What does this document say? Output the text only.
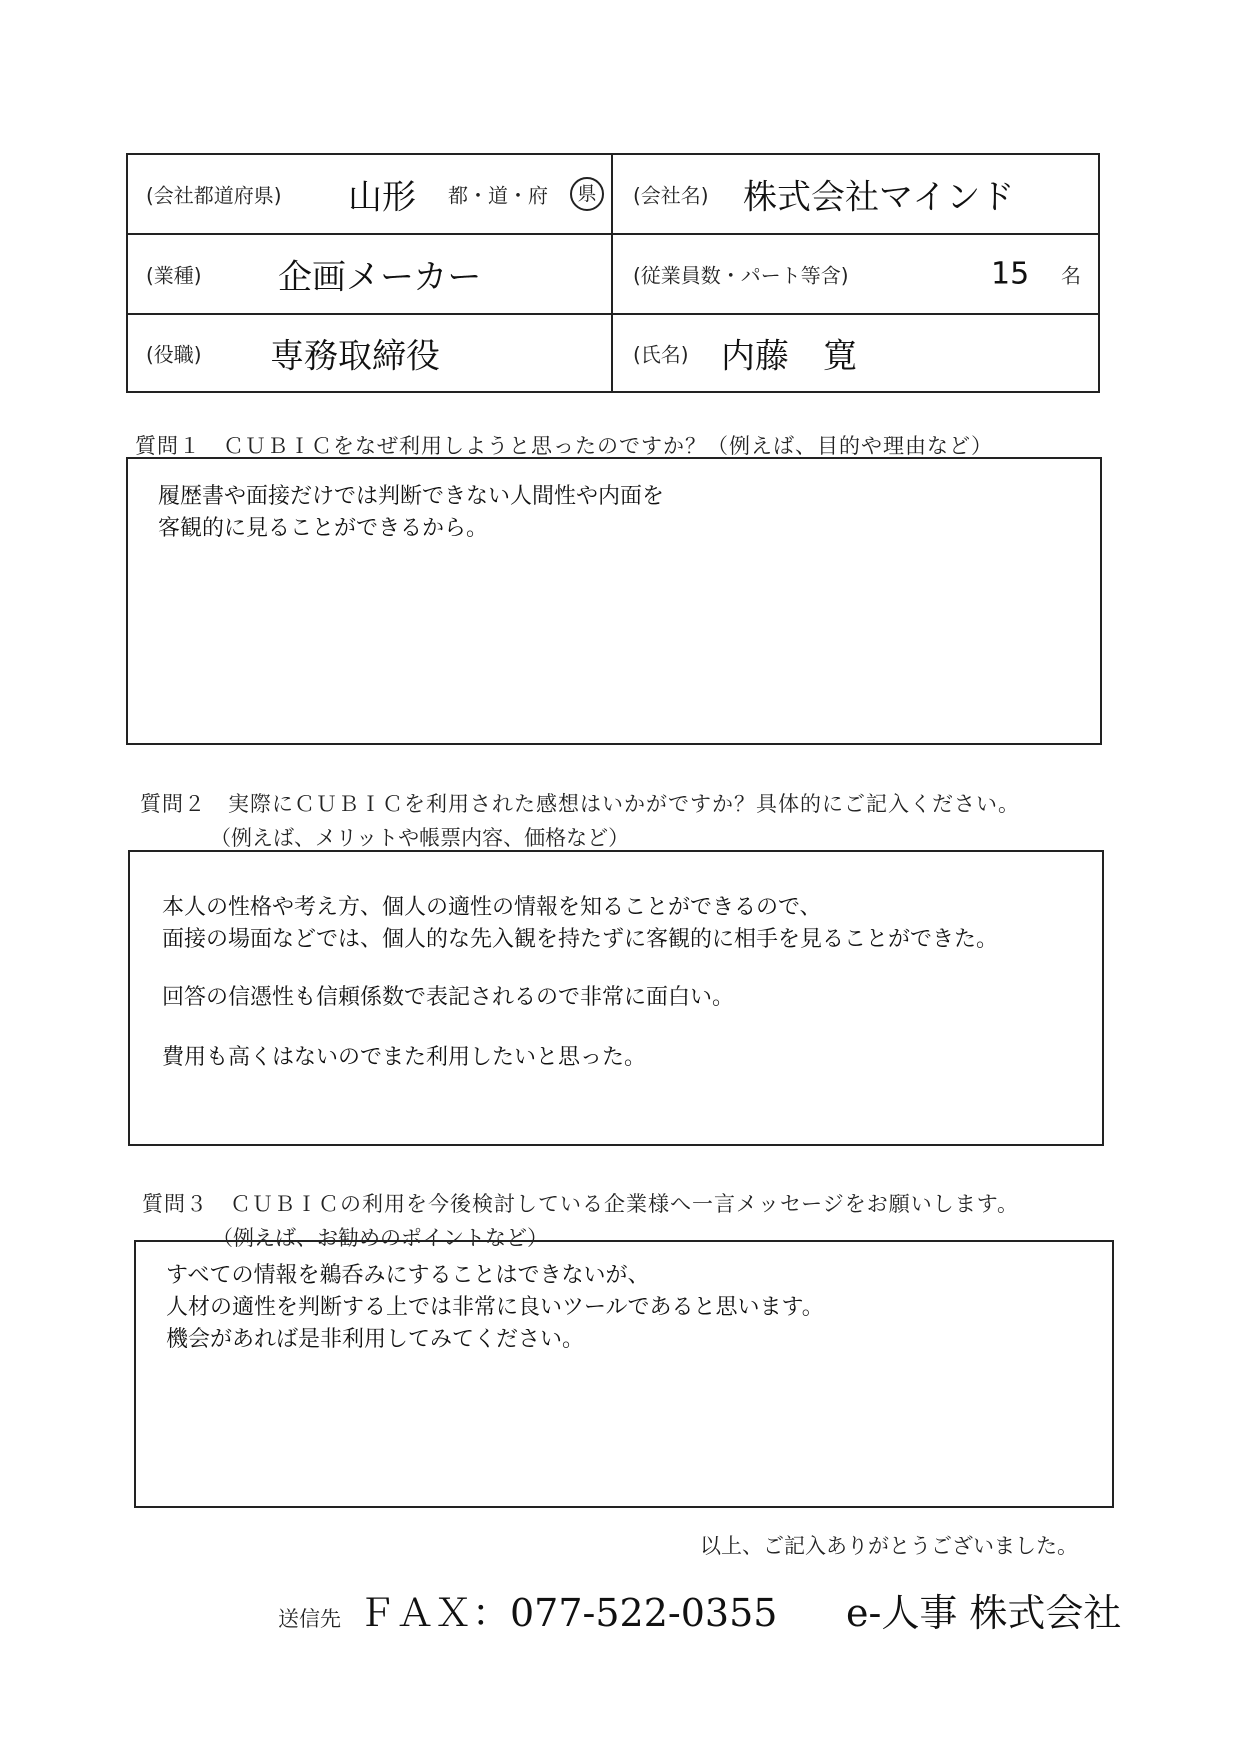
(会社都道府県) 山形 都・道・府	県	(会社名) 株式会社マインド
(業種) 企画メーカー	(従業員数・パート等含)	15 名
(役職) 専務取締役	(氏名) 内藤　寛
質問１　ＣＵＢＩＣをなぜ利用しようと思ったのですか？（例えば、目的や理由など）
履歴書や面接だけでは判断できない人間性や内面を
客観的に見ることができるから。
質問２　実際にＣＵＢＩＣを利用された感想はいかがですか？具体的にご記入ください。
（例えば、メリットや帳票内容、価格など）
本人の性格や考え方、個人の適性の情報を知ることができるので、
面接の場面などでは、個人的な先入観を持たずに客観的に相手を見ることができた。
回答の信憑性も信頼係数で表記されるので非常に面白い。
費用も高くはないのでまた利用したいと思った。
質問３　ＣＵＢＩＣの利用を今後検討している企業様へ一言メッセージをお願いします。
（例えば、お勧めのポイントなど）
すべての情報を鵜呑みにすることはできないが、
人材の適性を判断する上では非常に良いツールであると思います。
機会があれば是非利用してみてください。
以上、ご記入ありがとうございました。
送信先 ＦＡＸ：077-522-0355 e-人事 株式会社
